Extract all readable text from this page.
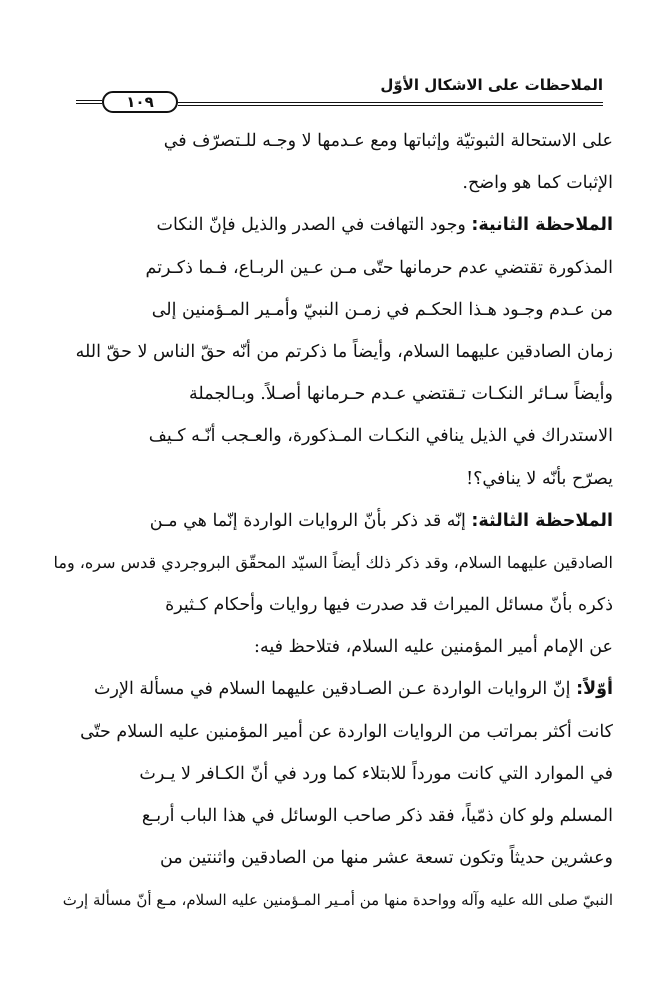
الملاحظات على الاشكال الأوّل
١٠٩
على الاستحالة الثبوتيّة وإثباتها ومع عـدمها لا وجـه للـتصرّف في
الإثبات كما هو واضح.
الملاحظة الثانية: وجود التهافت في الصدر والذيل فإنّ النكات
المذكورة تقتضي عدم حرمانها حتّى مـن عـين الربـاع، فـما ذكـرتم
من عـدم وجـود هـذا الحكـم في زمـن النبيّ وأمـير المـؤمنين إلى
زمان الصادقين عليهما السلام، وأيضاً ما ذكرتم من أنّه حقّ الناس لا حقّ الله
وأيضاً سـائر النكـات تـقتضي عـدم حـرمانها أصـلاً. وبـالجملة
الاستدراك في الذيل ينافي النكـات المـذكورة، والعـجب أنّـه كـيف
يصرّح بأنّه لا ينافي؟!
الملاحظة الثالثة: إنّه قد ذكر بأنّ الروايات الواردة إنّما هي مـن
الصادقين عليهما السلام، وقد ذكر ذلك أيضاً السيّد المحقّق البروجردي قدس سره، وما
ذكره بأنّ مسائل الميراث قد صدرت فيها روايات وأحكام كـثيرة
عن الإمام أمير المؤمنين عليه السلام، فتلاحظ فيه:
أوّلاً: إنّ الروايات الواردة عـن الصـادقين عليهما السلام في مسألة الإرث
كانت أكثر بمراتب من الروايات الواردة عن أمير المؤمنين عليه السلام حتّى
في الموارد التي كانت مورداً للابتلاء كما ورد في أنّ الكـافر لا يـرث
المسلم ولو كان ذمّياً، فقد ذكر صاحب الوسائل في هذا الباب أربـع
وعشرين حديثاً وتكون تسعة عشر منها من الصادقين واثنتين من
النبيّ صلى الله عليه وآله وواحدة منها من أمـير المـؤمنين عليه السلام، مـع أنّ مسألة إرث
